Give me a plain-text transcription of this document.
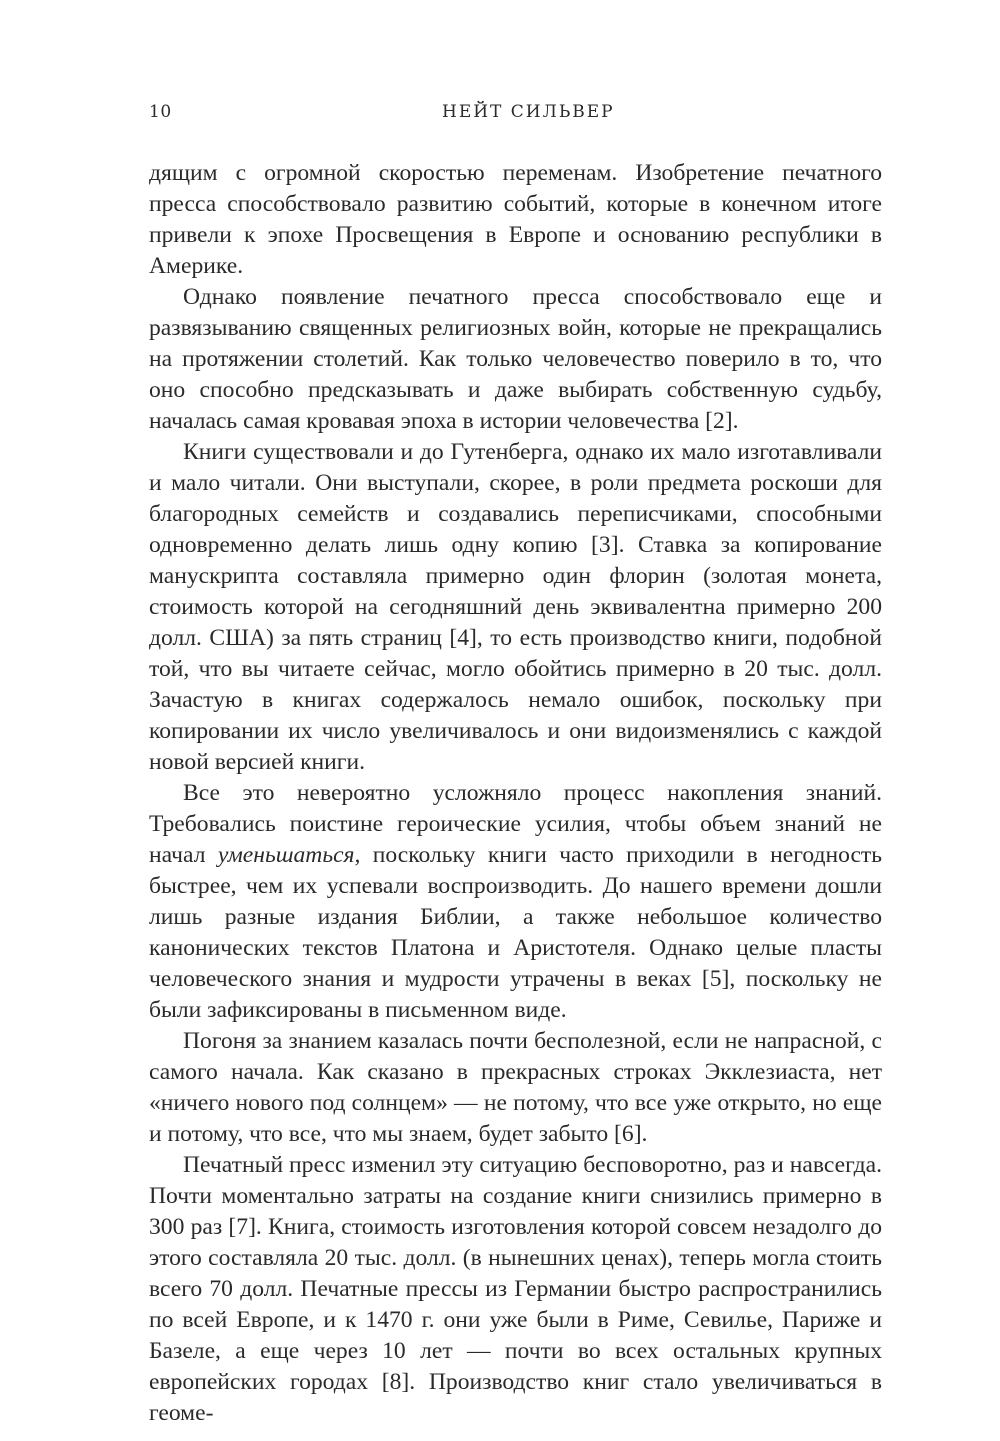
10	НЕЙТ СИЛЬВЕР

дящим с огромной скоростью переменам. Изобретение печатного пресса способствовало развитию событий, которые в конечном итоге привели к эпохе Просвещения в Европе и основанию республики в Америке.

Однако появление печатного пресса способствовало еще и развязыванию священных религиозных войн, которые не прекращались на протяжении столетий. Как только человечество поверило в то, что оно способно предсказывать и даже выбирать собственную судьбу, началась самая кровавая эпоха в истории человечества [2].

Книги существовали и до Гутенберга, однако их мало изготавливали и мало читали. Они выступали, скорее, в роли предмета роскоши для благородных семейств и создавались переписчиками, способными одновременно делать лишь одну копию [3]. Ставка за копирование манускрипта составляла примерно один флорин (золотая монета, стоимость которой на сегодняшний день эквивалентна примерно 200 долл. США) за пять страниц [4], то есть производство книги, подобной той, что вы читаете сейчас, могло обойтись примерно в 20 тыс. долл. Зачастую в книгах содержалось немало ошибок, поскольку при копировании их число увеличивалось и они видоизменялись с каждой новой версией книги.

Все это невероятно усложняло процесс накопления знаний. Требовались поистине героические усилия, чтобы объем знаний не начал уменьшаться, поскольку книги часто приходили в негодность быстрее, чем их успевали воспроизводить. До нашего времени дошли лишь разные издания Библии, а также небольшое количество канонических текстов Платона и Аристотеля. Однако целые пласты человеческого знания и мудрости утрачены в веках [5], поскольку не были зафиксированы в письменном виде.

Погоня за знанием казалась почти бесполезной, если не напрасной, с самого начала. Как сказано в прекрасных строках Экклезиаста, нет «ничего нового под солнцем» — не потому, что все уже открыто, но еще и потому, что все, что мы знаем, будет забыто [6].

Печатный пресс изменил эту ситуацию бесповоротно, раз и навсегда. Почти моментально затраты на создание книги снизились примерно в 300 раз [7]. Книга, стоимость изготовления которой совсем незадолго до этого составляла 20 тыс. долл. (в нынешних ценах), теперь могла стоить всего 70 долл. Печатные прессы из Германии быстро распространились по всей Европе, и к 1470 г. они уже были в Риме, Севилье, Париже и Базеле, а еще через 10 лет — почти во всех остальных крупных европейских городах [8]. Производство книг стало увеличиваться в геоме-
